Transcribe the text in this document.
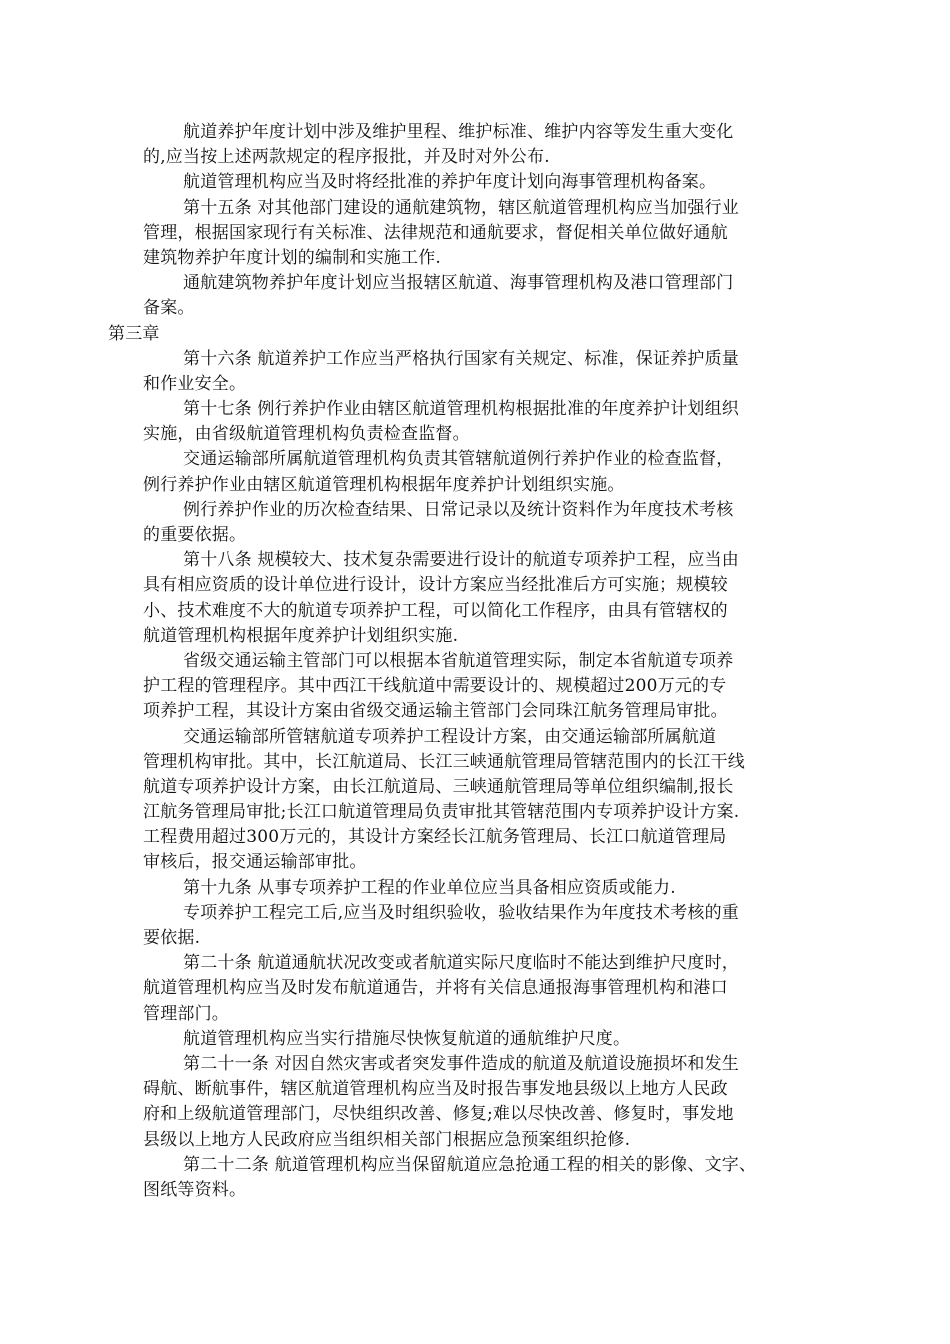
航道养护年度计划中涉及维护里程、维护标准、维护内容等发生重大变化
的,应当按上述两款规定的程序报批，并及时对外公布.
航道管理机构应当及时将经批准的养护年度计划向海事管理机构备案。
第十五条 对其他部门建设的通航建筑物，辖区航道管理机构应当加强行业
管理，根据国家现行有关标准、法律规范和通航要求，督促相关单位做好通航
建筑物养护年度计划的编制和实施工作.
通航建筑物养护年度计划应当报辖区航道、海事管理机构及港口管理部门
备案。
第三章
第十六条 航道养护工作应当严格执行国家有关规定、标准，保证养护质量
和作业安全。
第十七条 例行养护作业由辖区航道管理机构根据批准的年度养护计划组织
实施，由省级航道管理机构负责检查监督。
交通运输部所属航道管理机构负责其管辖航道例行养护作业的检查监督，
例行养护作业由辖区航道管理机构根据年度养护计划组织实施。
例行养护作业的历次检查结果、日常记录以及统计资料作为年度技术考核
的重要依据。
第十八条 规模较大、技术复杂需要进行设计的航道专项养护工程，应当由
具有相应资质的设计单位进行设计，设计方案应当经批准后方可实施；规模较
小、技术难度不大的航道专项养护工程，可以简化工作程序，由具有管辖权的
航道管理机构根据年度养护计划组织实施.
省级交通运输主管部门可以根据本省航道管理实际，制定本省航道专项养
护工程的管理程序。其中西江干线航道中需要设计的、规模超过200万元的专
项养护工程，其设计方案由省级交通运输主管部门会同珠江航务管理局审批。
交通运输部所管辖航道专项养护工程设计方案，由交通运输部所属航道
管理机构审批。其中，长江航道局、长江三峡通航管理局管辖范围内的长江干线
航道专项养护设计方案，由长江航道局、三峡通航管理局等单位组织编制,报长
江航务管理局审批;长江口航道管理局负责审批其管辖范围内专项养护设计方案.
工程费用超过300万元的，其设计方案经长江航务管理局、长江口航道管理局
审核后，报交通运输部审批。
第十九条 从事专项养护工程的作业单位应当具备相应资质或能力.
专项养护工程完工后,应当及时组织验收，验收结果作为年度技术考核的重
要依据.
第二十条 航道通航状况改变或者航道实际尺度临时不能达到维护尺度时，
航道管理机构应当及时发布航道通告，并将有关信息通报海事管理机构和港口
管理部门。
航道管理机构应当实行措施尽快恢复航道的通航维护尺度。
第二十一条 对因自然灾害或者突发事件造成的航道及航道设施损坏和发生
碍航、断航事件，辖区航道管理机构应当及时报告事发地县级以上地方人民政
府和上级航道管理部门，尽快组织改善、修复;难以尽快改善、修复时，事发地
县级以上地方人民政府应当组织相关部门根据应急预案组织抢修.
第二十二条 航道管理机构应当保留航道应急抢通工程的相关的影像、文字、
图纸等资料。
